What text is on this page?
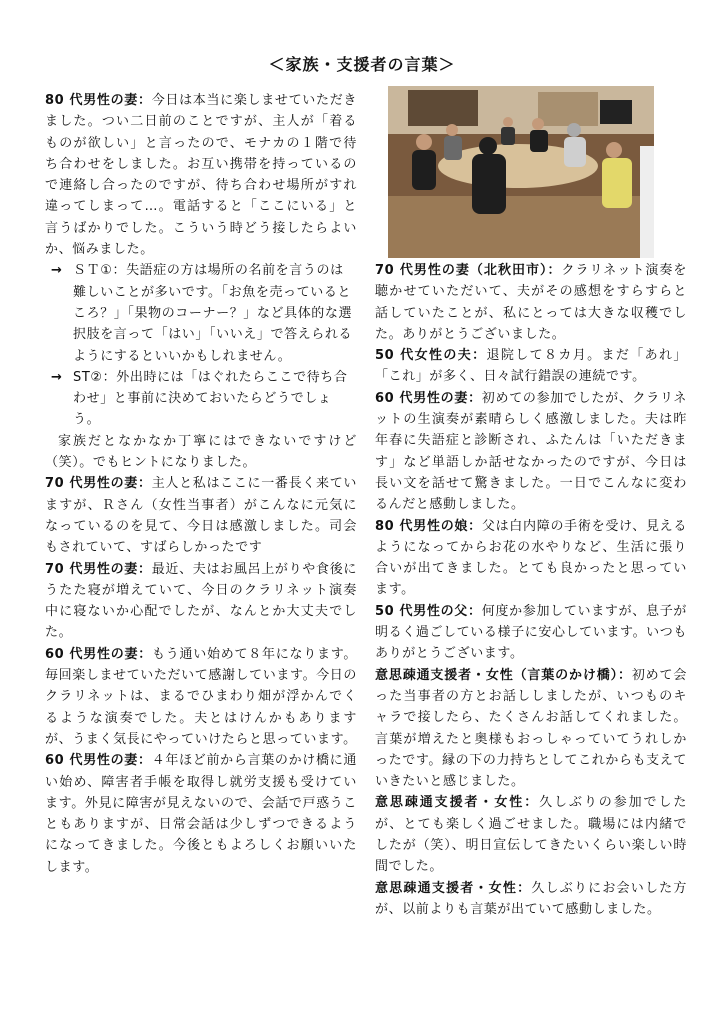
＜家族・支援者の言葉＞

80 代男性の妻：今日は本当に楽しませていただきました。つい二日前のことですが、主人が「着るものが欲しい」と言ったので、モナカの１階で待ち合わせをしました。お互い携帯を持っているので連絡し合ったのですが、待ち合わせ場所がすれ違ってしまって…。電話すると「ここにいる」と言うばかりでした。こういう時どう接したらよいか、悩みました。

→ ＳＴ①：失語症の方は場所の名前を言うのは難しいことが多いです。「お魚を売っているところ？」「果物のコーナー？」など具体的な選択肢を言って「はい」「いいえ」で答えられるようにするといいかもしれません。
→ ST②：外出時には「はぐれたらここで待ち合わせ」と事前に決めておいたらどうでしょう。

家族だとなかなか丁寧にはできないですけど（笑）。でもヒントになりました。

70 代男性の妻：主人と私はここに一番長く来ていますが、Ｒさん（女性当事者）がこんなに元気になっているのを見て、今日は感激しました。司会もされていて、すばらしかったです

70 代男性の妻：最近、夫はお風呂上がりや食後にうたた寝が増えていて、今日のクラリネット演奏中に寝ないか心配でしたが、なんとか大丈夫でした。

60 代男性の妻：もう通い始めて８年になります。毎回楽しませていただいて感謝しています。今日のクラリネットは、まるでひまわり畑が浮かんでくるような演奏でした。夫とはけんかもありますが、うまく気長にやっていけたらと思っています。

60 代男性の妻：４年ほど前から言葉のかけ橋に通い始め、障害者手帳を取得し就労支援も受けています。外見に障害が見えないので、会話で戸惑うこともありますが、日常会話は少しずつできるようになってきました。今後ともよろしくお願いいたします。

70 代男性の妻（北秋田市）：クラリネット演奏を聴かせていただいて、夫がその感想をすらすらと話していたことが、私にとっては大きな収穫でした。ありがとうございました。

50 代女性の夫：退院して８カ月。まだ「あれ」「これ」が多く、日々試行錯誤の連続です。

60 代男性の妻：初めての参加でしたが、クラリネットの生演奏が素晴らしく感激しました。夫は昨年春に失語症と診断され、ふたんは「いただきます」など単語しか話せなかったのですが、今日は長い文を話せて驚きました。一日でこんなに変わるんだと感動しました。

80 代男性の娘：父は白内障の手術を受け、見えるようになってからお花の水やりなど、生活に張り合いが出てきました。とても良かったと思っています。

50 代男性の父：何度か参加していますが、息子が明るく過ごしている様子に安心しています。いつもありがとうございます。

意思疎通支援者・女性（言葉のかけ橋）：初めて会った当事者の方とお話ししましたが、いつものキャラで接したら、たくさんお話してくれました。言葉が増えたと奥様もおっしゃっていてうれしかったです。縁の下の力持ちとしてこれからも支えていきたいと感じました。

意思疎通支援者・女性：久しぶりの参加でしたが、とても楽しく過ごせました。職場には内緒でしたが（笑）、明日宣伝してきたいくらい楽しい時間でした。

意思疎通支援者・女性：久しぶりにお会いした方が、以前よりも言葉が出ていて感動しました。
